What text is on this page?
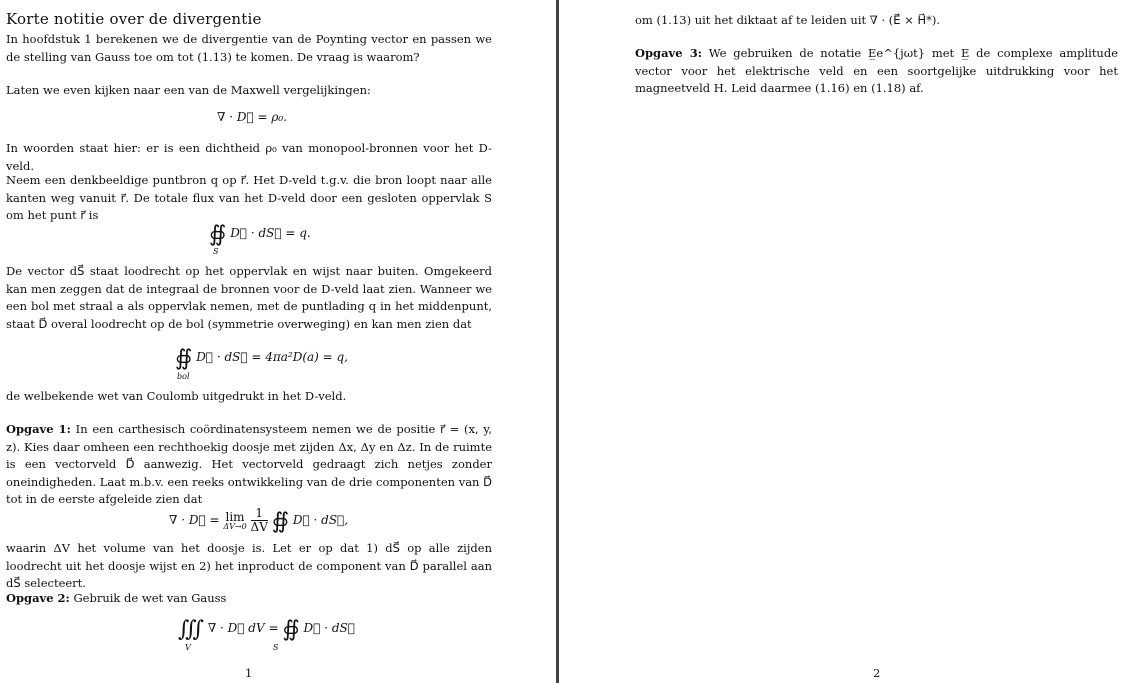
Korte notitie over de divergentie
In hoofdstuk 1 berekenen we de divergentie van de Poynting vector en passen we de stelling van Gauss toe om tot (1.13) te komen. De vraag is waarom?
Laten we even kijken naar een van de Maxwell vergelijkingen:
∇ · D⃗ = ρ₀.
In woorden staat hier: er is een dichtheid ρ₀ van monopool-bronnen voor het D-veld.
Neem een denkbeeldige puntbron q op r⃗. Het D-veld t.g.v. die bron loopt naar alle kanten weg vanuit r⃗. De totale flux van het D-veld door een gesloten oppervlak S om het punt r⃗ is
∯ D⃗ · dS⃗ = q.
S
De vector dS⃗ staat loodrecht op het oppervlak en wijst naar buiten. Omgekeerd kan men zeggen dat de integraal de bronnen voor de D-veld laat zien. Wanneer we een bol met straal a als oppervlak nemen, met de puntlading q in het middenpunt, staat D⃗ overal loodrecht op de bol (symmetrie overweging) en kan men zien dat
∯ D⃗ · dS⃗ = 4πa²D(a) = q,
bol
de welbekende wet van Coulomb uitgedrukt in het D-veld.
Opgave 1: In een carthesisch coördinatensysteem nemen we de positie r⃗ = (x, y, z). Kies daar omheen een rechthoekig doosje met zijden Δx, Δy en Δz. In de ruimte is een vectorveld D⃗ aanwezig. Het vectorveld gedraagt zich netjes zonder oneindigheden. Laat m.b.v. een reeks ontwikkeling van de drie componenten van D⃗ tot in de eerste afgeleide zien dat
∇ · D⃗ = lim
ΔV→0
$\frac{1}{\Delta V}$ ∯ D⃗ · dS⃗,
waarin ΔV het volume van het doosje is. Let er op dat 1) dS⃗ op alle zijden loodrecht uit het doosje wijst en 2) het inproduct de component van D⃗ parallel aan dS⃗ selecteert.
Opgave 2: Gebruik de wet van Gauss
∭ ∇ · D⃗ dV = ∯ D⃗ · dS⃗
V	S
1
om (1.13) uit het diktaat af te leiden uit ∇ · (E⃗ × H⃗*).
Opgave 3: We gebruiken de notatie E̲e^{jωt} met E̲ de complexe amplitude vector voor het elektrische veld en een soortgelijke uitdrukking voor het magneetveld H. Leid daarmee (1.16) en (1.18) af.
2
